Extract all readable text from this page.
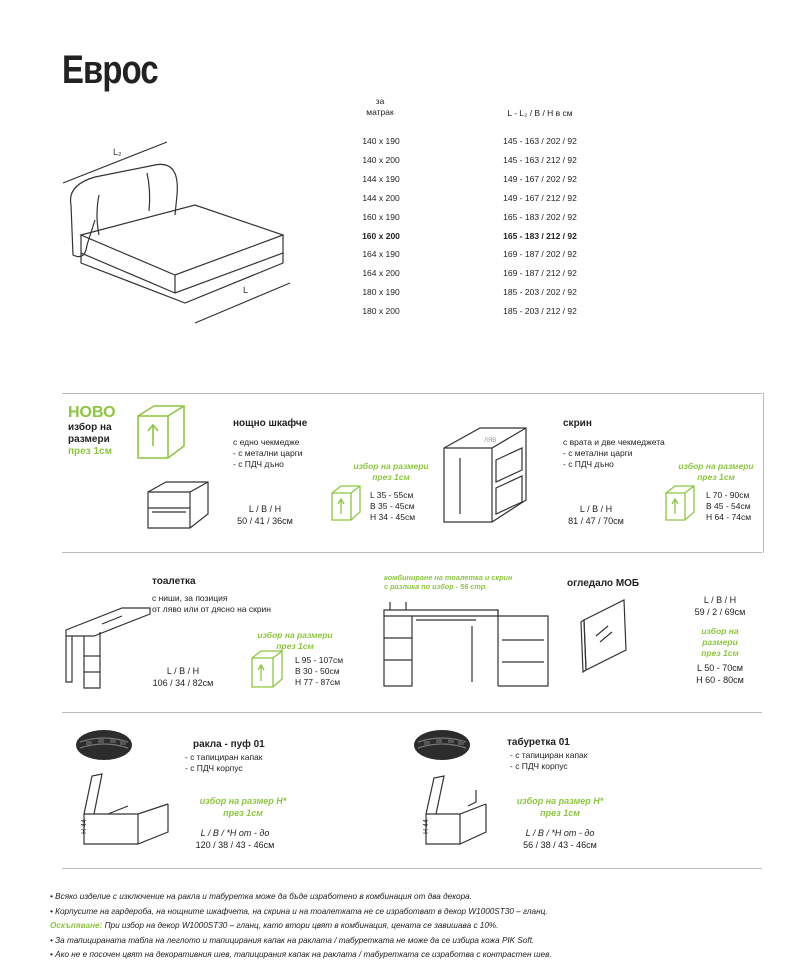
Еврос
L₂
L
за
матрак	L - L₂ / B / H в см
140 x 190
140 x 200
144 x 190
144 x 200
160 x 190
160 x 200
164 x 190
164 x 200
180 x 190
180 x 200
145 - 163 / 202 / 92
145 - 163 / 212 / 92
149 - 167 / 202 / 92
149 - 167 / 212 / 92
165 - 183 / 202 / 92
165 - 183 / 212 / 92
169 - 187 / 202 / 92
169 - 187 / 212 / 92
185 - 203 / 202 / 92
185 - 203 / 212 / 92
НОВО
избор на
размери
през 1см
нощно шкафче
с едно чекмедже
- с метални царги
- с ПДЧ дъно
L / B / H
50 / 41 / 36см
избор на размери
през 1см
L 35 - 55см
B 35 - 45см
H 34 - 45см
ЛЯВ
скрин
с врата и две чекмеджета
- с метални царги
- с ПДЧ дъно
L / B / H
81 / 47 / 70см
избор на размери
през 1см
L 70 - 90см
B 45 - 54см
H 64 - 74см
тоалетка
с ниши, за позиция
от ляво или от дясно на скрин
L / B / H
106 / 34 / 82см
избор на размери
през 1см
L 95 - 107см
B 30 - 50см
H 77 - 87см
комбиниране на тоалетка и скрин
с разлика по избор - 56 стр.	огледало МОБ
L / B / H
59 / 2 / 69см
избор на
размери
през 1см
L 50 - 70см
H 60 - 80см
H 44
ракла - пуф 01
- с тапициран капак
- с ПДЧ корпус
избор на размер H*
през 1см
L / B / *H от - до
120 / 38 / 43 - 46см
H 44
табуретка 01
- с тапициран капак
- с ПДЧ корпус
избор на размер H*
през 1см
L / B / *H от - до
56 / 38 / 43 - 46см
• Всяко изделие с изключение на ракла и табуретка може да бъде изработено в комбинация от два декора.
• Корпусите на гардероба, на нощните шкафчета, на скрина и на тоалетката не се изработват в декор W1000ST30 – гланц.
Оскъпяване: При избор на декор W1000ST30 – гланц, като втори цвят в комбинация, цената се завишава с 10%.
• За тапицираната табла на леглото и тапицирания капак на раклата / табуретката не може да се избира кожа PIK Soft.
• Ако не е посочен цвят на декоративния шев, тапицирания капак на раклата / табуретката се изработва с контрастен шев.
